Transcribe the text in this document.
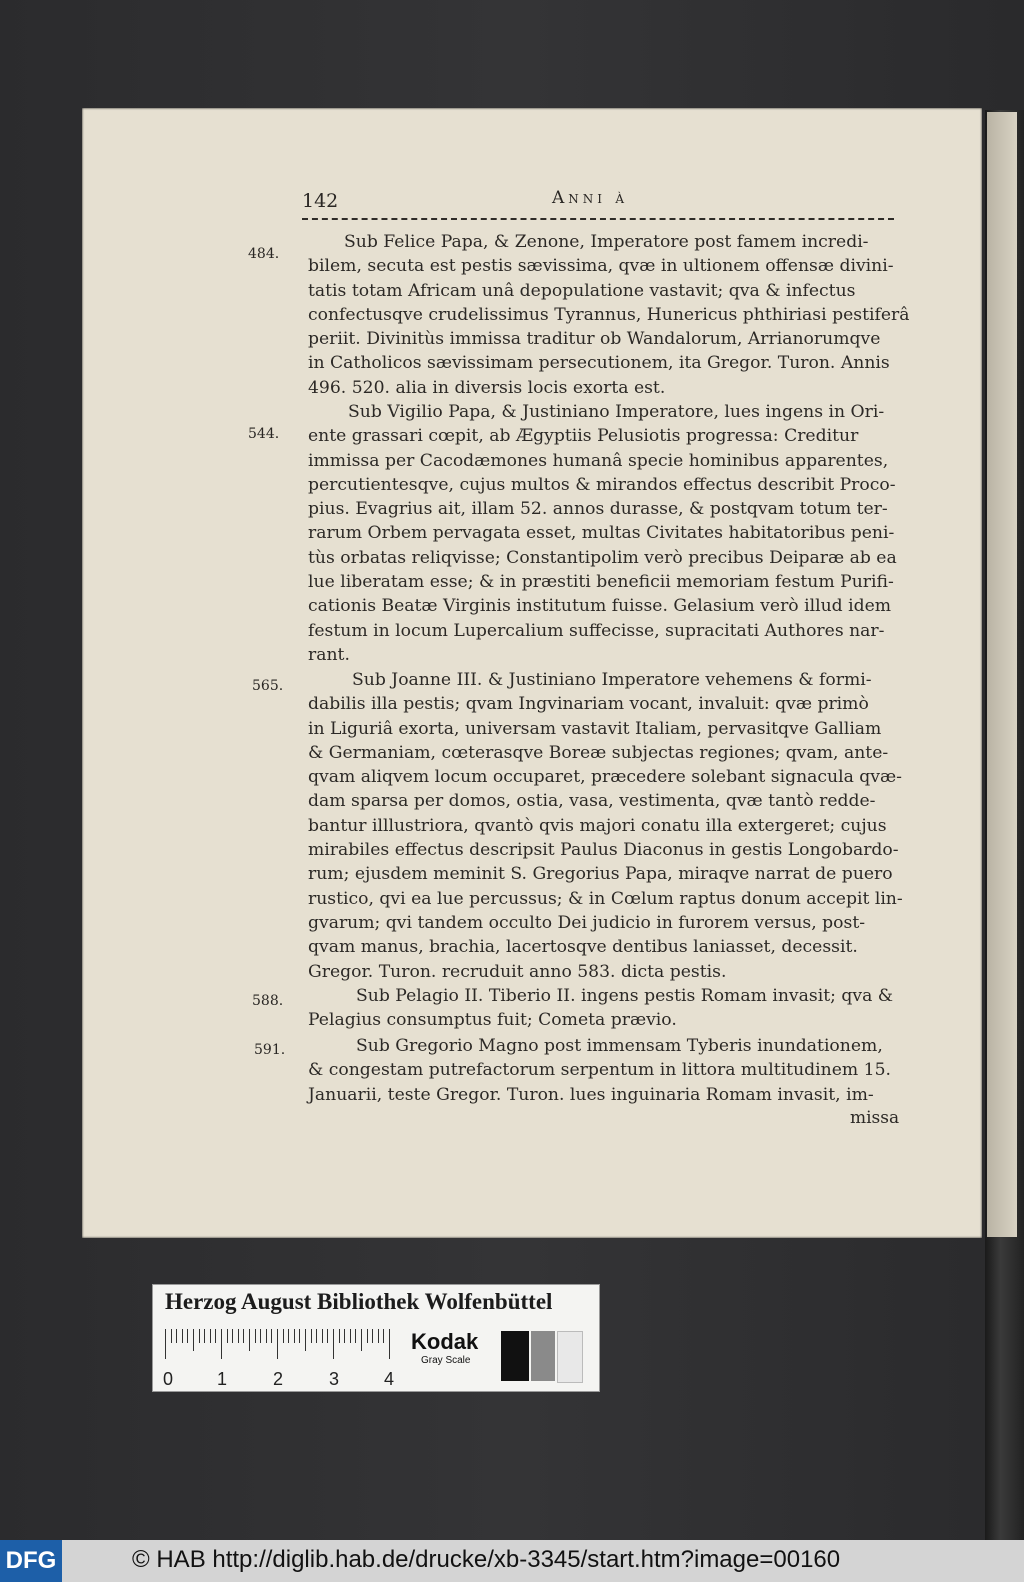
142	Anni à
484.

Sub Felice Papa, & Zenone, Imperatore post famem incredi-
bilem, secuta est pestis sævissima, qvæ in ultionem offensæ divini-
tatis totam Africam unâ depopulatione vastavit; qva & infectus
confectusqve crudelissimus Tyrannus, Hunericus phthiriasi pestiferâ
periit. Divinitùs immissa traditur ob Wandalorum, Arrianorumqve
in Catholicos sævissimam persecutionem, ita Gregor. Turon. Annis
496. 520. alia in diversis locis exorta est.

544.

Sub Vigilio Papa, & Justiniano Imperatore, lues ingens in Ori-
ente grassari cœpit, ab Ægyptiis Pelusiotis progressa: Creditur
immissa per Cacodæmones humanâ specie hominibus apparentes,
percutientesqve, cujus multos & mirandos effectus describit Proco-
pius. Evagrius ait, illam 52. annos durasse, & postqvam totum ter-
rarum Orbem pervagata esset, multas Civitates habitatoribus peni-
tùs orbatas reliqvisse; Constantipolim verò precibus Deiparæ ab ea
lue liberatam esse; & in præstiti beneficii memoriam festum Purifi-
cationis Beatæ Virginis institutum fuisse. Gelasium verò illud idem
festum in locum Lupercalium suffecisse, supracitati Authores nar-
rant.

565.	Sub Joanne III. & Justiniano Imperatore vehemens & formi-
dabilis illa pestis; qvam Ingvinariam vocant, invaluit: qvæ primò
in Liguriâ exorta, universam vastavit Italiam, pervasitqve Galliam
& Germaniam, cœterasqve Boreæ subjectas regiones; qvam, ante-
qvam aliqvem locum occuparet, præcedere solebant signacula qvæ-
dam sparsa per domos, ostia, vasa, vestimenta, qvæ tantò redde-
bantur illlustriora, qvantò qvis majori conatu illa extergeret; cujus
mirabiles effectus descripsit Paulus Diaconus in gestis Longobardo-
rum; ejusdem meminit S. Gregorius Papa, miraqve narrat de puero
rustico, qvi ea lue percussus; & in Cœlum raptus donum accepit lin-
gvarum; qvi tandem occulto Dei judicio in furorem versus, post-
qvam manus, brachia, lacertosqve dentibus laniasset, decessit.
Gregor. Turon. recruduit anno 583. dicta pestis.

588.	Sub Pelagio II. Tiberio II. ingens pestis Romam invasit; qva &
Pelagius consumptus fuit; Cometa prævio.

591.	Sub Gregorio Magno post immensam Tyberis inundationem,
& congestam putrefactorum serpentum in littora multitudinem 15.
Januarii, teste Gregor. Turon. lues inguinaria Romam invasit, im-

missa
Herzog August Bibliothek Wolfenbüttel
0 1	2	3 4
Kodak
Gray Scale
DFG	© HAB http://diglib.hab.de/drucke/xb-3345/start.htm?image=00160
